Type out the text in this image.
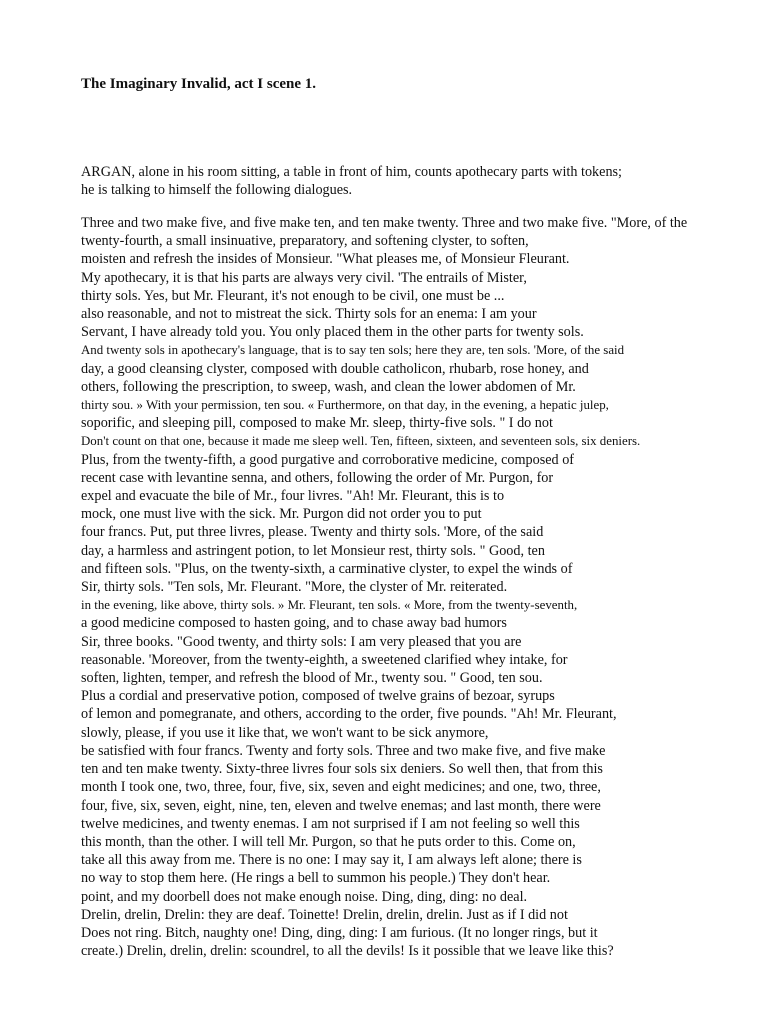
The Imaginary Invalid, act I scene 1.
ARGAN, alone in his room sitting, a table in front of him, counts apothecary parts with tokens;
he is talking to himself the following dialogues.
Three and two make five, and five make ten, and ten make twenty. Three and two make five. "More, of the
twenty-fourth, a small insinuative, preparatory, and softening clyster, to soften,
moisten and refresh the insides of Monsieur. "What pleases me, of Monsieur Fleurant.
My apothecary, it is that his parts are always very civil. 'The entrails of Mister,
thirty sols. Yes, but Mr. Fleurant, it's not enough to be civil, one must be ...
also reasonable, and not to mistreat the sick. Thirty sols for an enema: I am your
Servant, I have already told you. You only placed them in the other parts for twenty sols.
And twenty sols in apothecary's language, that is to say ten sols; here they are, ten sols. 'More, of the said
day, a good cleansing clyster, composed with double catholicon, rhubarb, rose honey, and
others, following the prescription, to sweep, wash, and clean the lower abdomen of Mr.
thirty sou. » With your permission, ten sou. « Furthermore, on that day, in the evening, a hepatic julep,
soporific, and sleeping pill, composed to make Mr. sleep, thirty-five sols. " I do not
Don't count on that one, because it made me sleep well. Ten, fifteen, sixteen, and seventeen sols, six deniers.
Plus, from the twenty-fifth, a good purgative and corroborative medicine, composed of
recent case with levantine senna, and others, following the order of Mr. Purgon, for
expel and evacuate the bile of Mr., four livres. "Ah! Mr. Fleurant, this is to
mock, one must live with the sick. Mr. Purgon did not order you to put
four francs. Put, put three livres, please. Twenty and thirty sols. 'More, of the said
day, a harmless and astringent potion, to let Monsieur rest, thirty sols. " Good, ten
and fifteen sols. "Plus, on the twenty-sixth, a carminative clyster, to expel the winds of
Sir, thirty sols. "Ten sols, Mr. Fleurant. "More, the clyster of Mr. reiterated.
in the evening, like above, thirty sols. » Mr. Fleurant, ten sols. « More, from the twenty-seventh,
a good medicine composed to hasten going, and to chase away bad humors
Sir, three books. "Good twenty, and thirty sols: I am very pleased that you are
reasonable. 'Moreover, from the twenty-eighth, a sweetened clarified whey intake, for
soften, lighten, temper, and refresh the blood of Mr., twenty sou. " Good, ten sou.
Plus a cordial and preservative potion, composed of twelve grains of bezoar, syrups
of lemon and pomegranate, and others, according to the order, five pounds. "Ah! Mr. Fleurant,
slowly, please, if you use it like that, we won't want to be sick anymore,
be satisfied with four francs. Twenty and forty sols. Three and two make five, and five make
ten and ten make twenty. Sixty-three livres four sols six deniers. So well then, that from this
month I took one, two, three, four, five, six, seven and eight medicines; and one, two, three,
four, five, six, seven, eight, nine, ten, eleven and twelve enemas; and last month, there were
twelve medicines, and twenty enemas. I am not surprised if I am not feeling so well this
this month, than the other. I will tell Mr. Purgon, so that he puts order to this. Come on,
take all this away from me. There is no one: I may say it, I am always left alone; there is
no way to stop them here. (He rings a bell to summon his people.) They don't hear.
point, and my doorbell does not make enough noise. Ding, ding, ding: no deal.
Drelin, drelin, Drelin: they are deaf. Toinette! Drelin, drelin, drelin. Just as if I did not
Does not ring. Bitch, naughty one! Ding, ding, ding: I am furious. (It no longer rings, but it
create.) Drelin, drelin, drelin: scoundrel, to all the devils! Is it possible that we leave like this?
